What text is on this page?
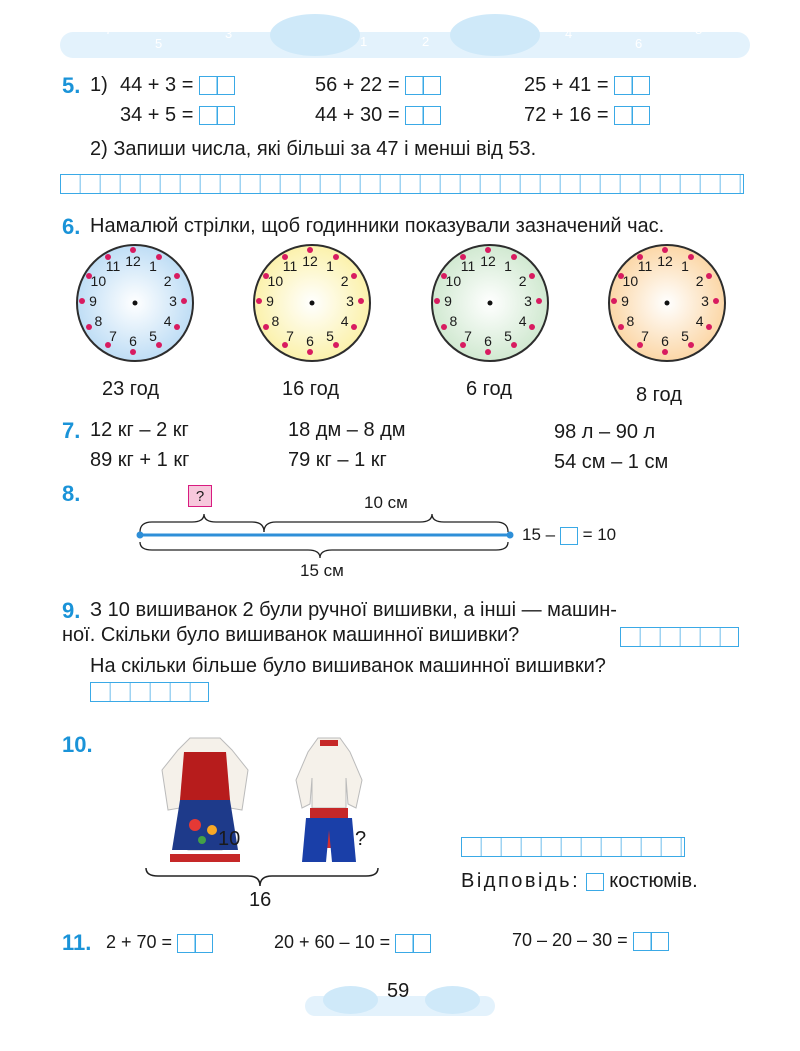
7
5
3
1
0
2
4
6
8
5. 1) 44 + 3 =	56 + 22 =	25 + 41 =
34 + 5 =	44 + 30 =	72 + 16 =
2) Запиши числа, які більші за 47 і менші від 53.
6. Намалюй стрілки, щоб годинники показували зазначений час.
12 1
2
3
4
5
6
7
8
9
10
11	12 1
2
3
4
5
6
7
8
9
10
11	12 1
2
3
4
5
6
7
8
9
10
11	12 1
2
3
4
5
6
7
8
9
10
11
23 год	16 год	6 год	8 год
7. 12 кг – 2 кг	18 дм – 8 дм	98 л – 90 л
89 кг + 1 кг	79 кг – 1 кг	54 см – 1 см
8.	?	10 см
15 см
15 – = 10
9. З 10 вишиванок 2 були ручної вишивки, а інші — машин-
ної. Скільки було вишиванок машинної вишивки?
На скільки більше було вишиванок машинної вишивки?
10.
10	?
16
Відповідь: костюмів.
11. 2 + 70 =	20 + 60 – 10 =	70 – 20 – 30 =
59
